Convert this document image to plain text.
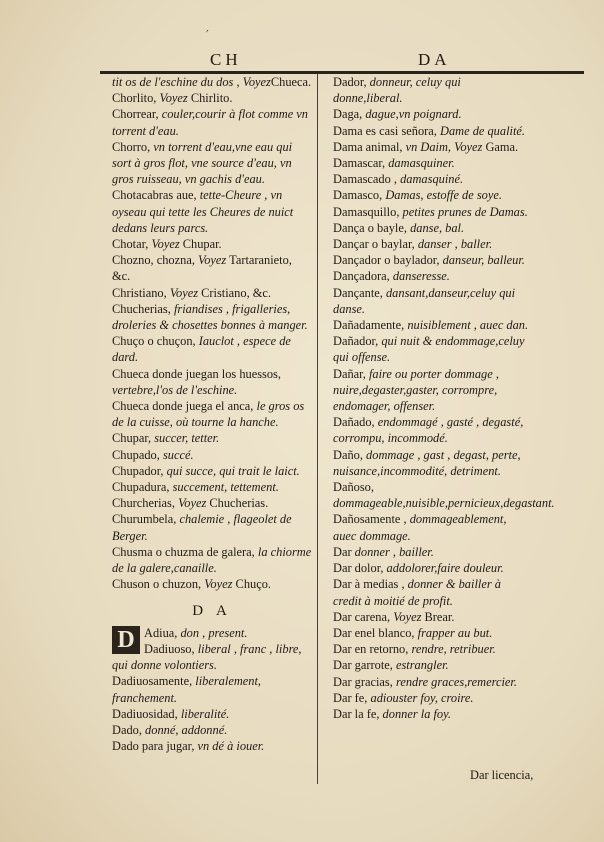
′
CH	DA
tit os de l'eschine du dos , VoyezChueca.
Chorlito, Voyez Chirlito.
Chorrear, couler,courir à flot comme vn torrent d'eau.
Chorro, vn torrent d'eau,vne eau qui sort à gros flot, vne source d'eau, vn gros ruisseau, vn gachis d'eau.
Chotacabras aue, tette-Cheure , vn oyseau qui tette les Cheures de nuict dedans leurs parcs.
Chotar, Voyez Chupar.
Chozno, chozna, Voyez Tartaranieto, &c.
Christiano, Voyez Cristiano, &c.
Chucherias, friandises , frigalleries, droleries & chosettes bonnes à manger.
Chuço o chuçon, Iauclot , espece de dard.
Chueca donde juegan los huessos, vertebre,l'os de l'eschine.
Chueca donde juega el anca, le gros os de la cuisse, où tourne la hanche.
Chupar, succer, tetter.
Chupado, succé.
Chupador, qui succe, qui trait le laict.
Chupadura, succement, tettement.
Churcherias, Voyez Chucherias.
Churumbela, chalemie , flageolet de Berger.
Chusma o chuzma de galera, la chiorme de la galere,canaille.
Chuson o chuzon, Voyez Chuço.
D A
D Adiua, don , present.
Dadiuoso, liberal , franc , libre, qui donne volontiers.
Dadiuosamente, liberalement, franchement.
Dadiuosidad, liberalité.
Dado, donné, addonné.
Dado para jugar, vn dé à iouer.
Dador, donneur, celuy qui donne,liberal.
Daga, dague,vn poignard.
Dama es casi señora, Dame de qualité.
Dama animal, vn Daim, Voyez Gama.
Damascar, damasquiner.
Damascado , damasquiné.
Damasco, Damas, estoffe de soye.
Damasquillo, petites prunes de Damas.
Dança o bayle, danse, bal.
Dançar o baylar, danser , baller.
Dançador o baylador, danseur, balleur.
Dançadora, danseresse.
Dançante, dansant,danseur,celuy qui danse.
Dañadamente, nuisiblement , auec dan.
Dañador, qui nuit & endommage,celuy qui offense.
Dañar, faire ou porter dommage , nuire,degaster,gaster, corrompre, endomager, offenser.
Dañado, endommagé , gasté , degasté, corrompu, incommodé.
Daño, dommage , gast , degast, perte, nuisance,incommodité, detriment.
Dañoso, dommageable,nuisible,pernicieux,degastant.
Dañosamente , dommageablement, auec dommage.
Dar donner , bailler.
Dar dolor, addolorer,faire douleur.
Dar à medias , donner & bailler à credit à moitié de profit.
Dar carena, Voyez Brear.
Dar enel blanco, frapper au but.
Dar en retorno, rendre, retribuer.
Dar garrote, estrangler.
Dar gracias, rendre graces,remercier.
Dar fe, adiouster foy, croire.
Dar la fe, donner la foy.
Dar licencia,
